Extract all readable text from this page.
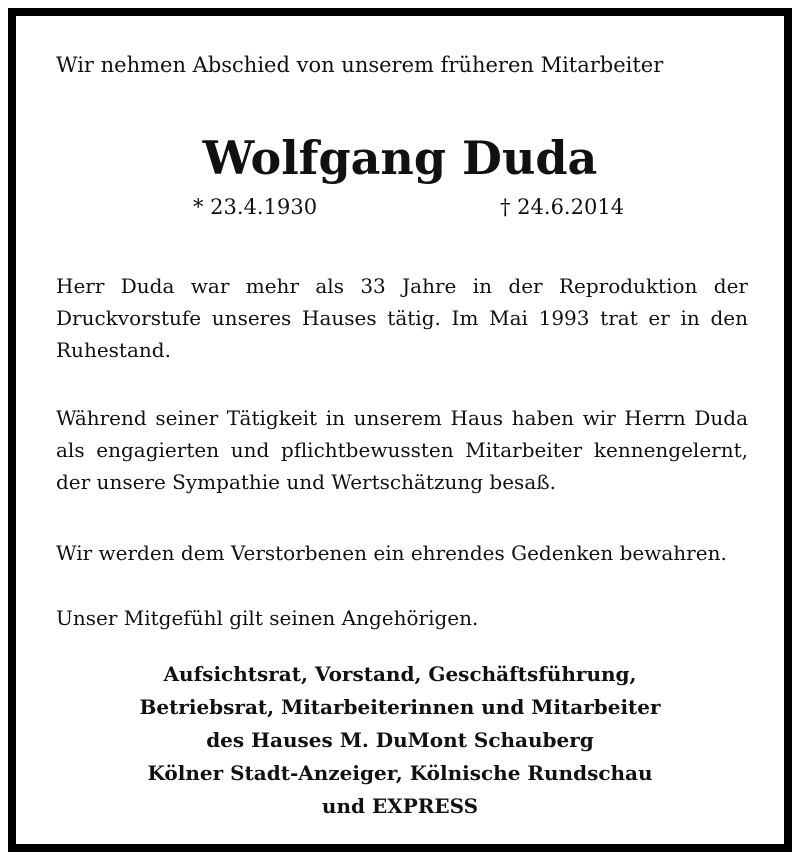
Wir nehmen Abschied von unserem früheren Mitarbeiter

Wolfgang Duda
* 23.4.1930	† 24.6.2014

Herr Duda war mehr als 33 Jahre in der Reproduktion der Druckvorstufe unseres Hauses tätig. Im Mai 1993 trat er in den Ruhestand.

Während seiner Tätigkeit in unserem Haus haben wir Herrn Duda als engagierten und pflichtbewussten Mitarbeiter kennengelernt, der unsere Sympathie und Wertschätzung besaß.

Wir werden dem Verstorbenen ein ehrendes Gedenken bewahren.

Unser Mitgefühl gilt seinen Angehörigen.

Aufsichtsrat, Vorstand, Geschäftsführung,
Betriebsrat, Mitarbeiterinnen und Mitarbeiter
des Hauses M. DuMont Schauberg
Kölner Stadt-Anzeiger, Kölnische Rundschau
und EXPRESS
